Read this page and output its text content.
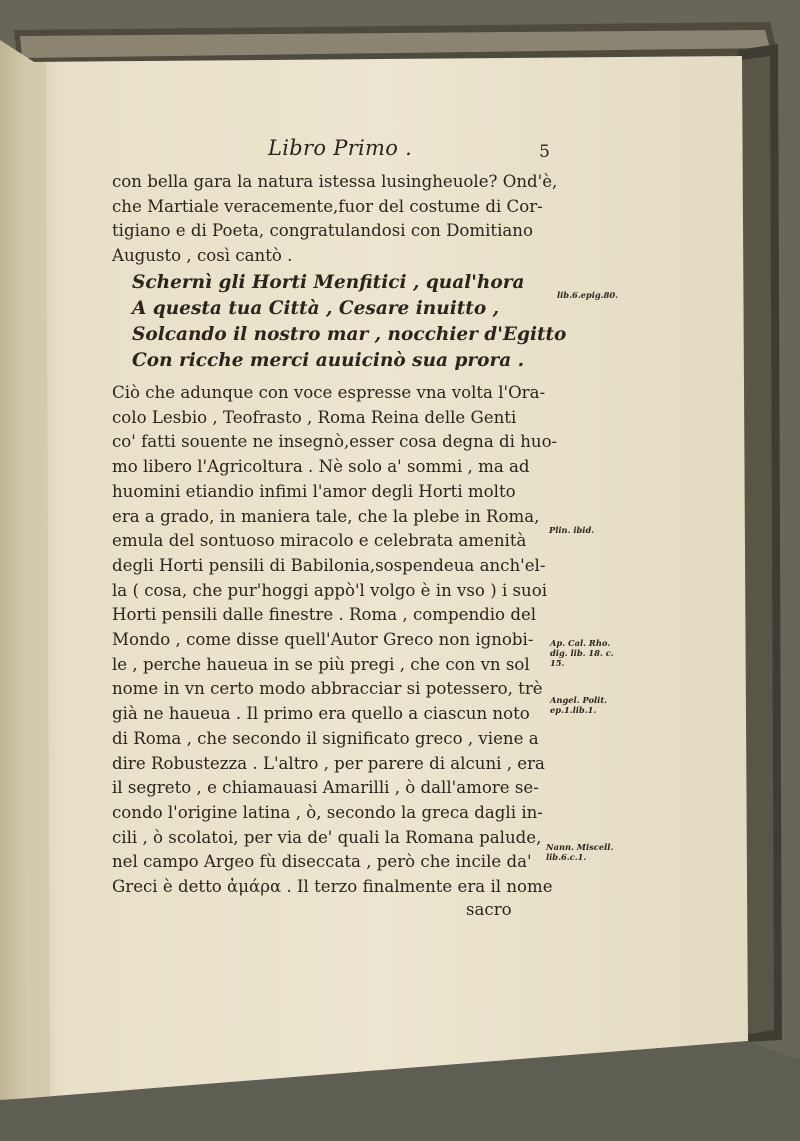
Libro Primo .	5

con bella gara la natura istessa lusingheuole? Ond'è,

che Martiale veracemente,fuor del costume di Cor-

tigiano e di Poeta, congratulandosi con Domitiano

Augusto , così cantò .

Schernì gli Horti Menfitici , qual'hora

A questa tua Città , Cesare inuitto ,

Solcando il nostro mar , nocchier d'Egitto

Con ricche merci auuicinò sua prora .

Ciò che adunque con voce espresse vna volta l'Ora-

colo Lesbio , Teofrasto , Roma Reina delle Genti

co' fatti souente ne insegnò,esser cosa degna di huo-

mo libero l'Agricoltura . Nè solo a' sommi , ma ad

huomini etiandio infimi l'amor degli Horti molto

era a grado, in maniera tale, che la plebe in Roma,

emula del sontuoso miracolo e celebrata amenità

degli Horti pensili di Babilonia,sospendeua anch'el-

la ( cosa, che pur'hoggi appò'l volgo è in vso ) i suoi

Horti pensili dalle finestre . Roma , compendio del

Mondo , come disse quell'Autor Greco non ignobi-

le , perche haueua in se più pregi , che con vn sol

nome in vn certo modo abbracciar si potessero, trè

già ne haueua . Il primo era quello a ciascun noto

di Roma , che secondo il significato greco , viene a

dire Robustezza . L'altro , per parere di alcuni , era

il segreto , e chiamauasi Amarilli , ò dall'amore se-

condo l'origine latina , ò, secondo la greca dagli in-

cili , ò scolatoi, per via de' quali la Romana palude,

nel campo Argeo fù diseccata , però che incile da'

Greci è detto ἀμάρα . Il terzo finalmente era il nome

sacro
lib.6.epig.80.
Plin. ibid.
Ap. Cal. Rho.
dig. lib. 18. c.
15.
Angel. Polit.
ep.1.lib.1.
Nann. Miscell.
lib.6.c.1.
